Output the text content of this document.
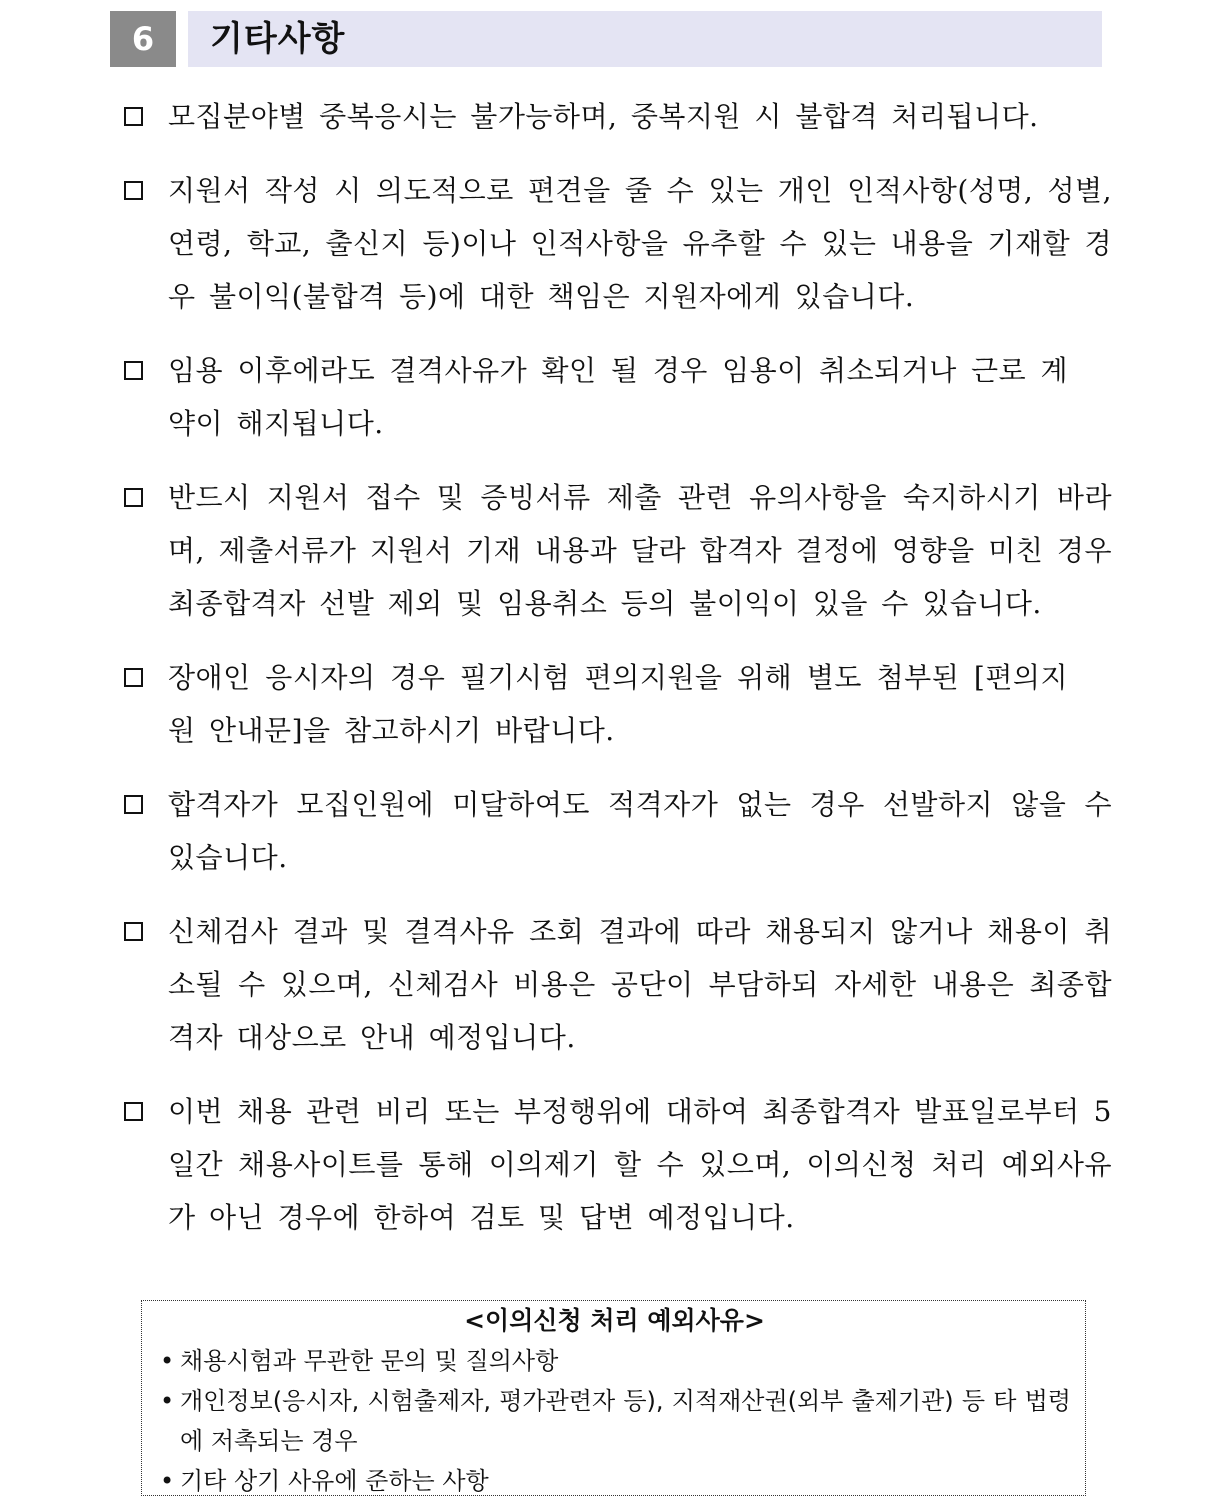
6	기타사항
모집분야별 중복응시는 불가능하며, 중복지원 시 불합격 처리됩니다.
지원서 작성 시 의도적으로 편견을 줄 수 있는 개인 인적사항(성명, 성별, 연령, 학교, 출신지 등)이나 인적사항을 유추할 수 있는 내용을 기재할 경우 불이익(불합격 등)에 대한 책임은 지원자에게 있습니다.
임용 이후에라도 결격사유가 확인 될 경우 임용이 취소되거나 근로 계약이 해지됩니다.
반드시 지원서 접수 및 증빙서류 제출 관련 유의사항을 숙지하시기 바라며, 제출서류가 지원서 기재 내용과 달라 합격자 결정에 영향을 미친 경우 최종합격자 선발 제외 및 임용취소 등의 불이익이 있을 수 있습니다.
장애인 응시자의 경우 필기시험 편의지원을 위해 별도 첨부된 [편의지원 안내문]을 참고하시기 바랍니다.
합격자가 모집인원에 미달하여도 적격자가 없는 경우 선발하지 않을 수 있습니다.
신체검사 결과 및 결격사유 조회 결과에 따라 채용되지 않거나 채용이 취소될 수 있으며, 신체검사 비용은 공단이 부담하되 자세한 내용은 최종합격자 대상으로 안내 예정입니다.
이번 채용 관련 비리 또는 부정행위에 대하여 최종합격자 발표일로부터 5일간 채용사이트를 통해 이의제기 할 수 있으며, 이의신청 처리 예외사유가 아닌 경우에 한하여 검토 및 답변 예정입니다.
<이의신청 처리 예외사유>
• 채용시험과 무관한 문의 및 질의사항
• 개인정보(응시자, 시험출제자, 평가관련자 등), 지적재산권(외부 출제기관) 등 타 법령에 저촉되는 경우
• 기타 상기 사유에 준하는 사항
